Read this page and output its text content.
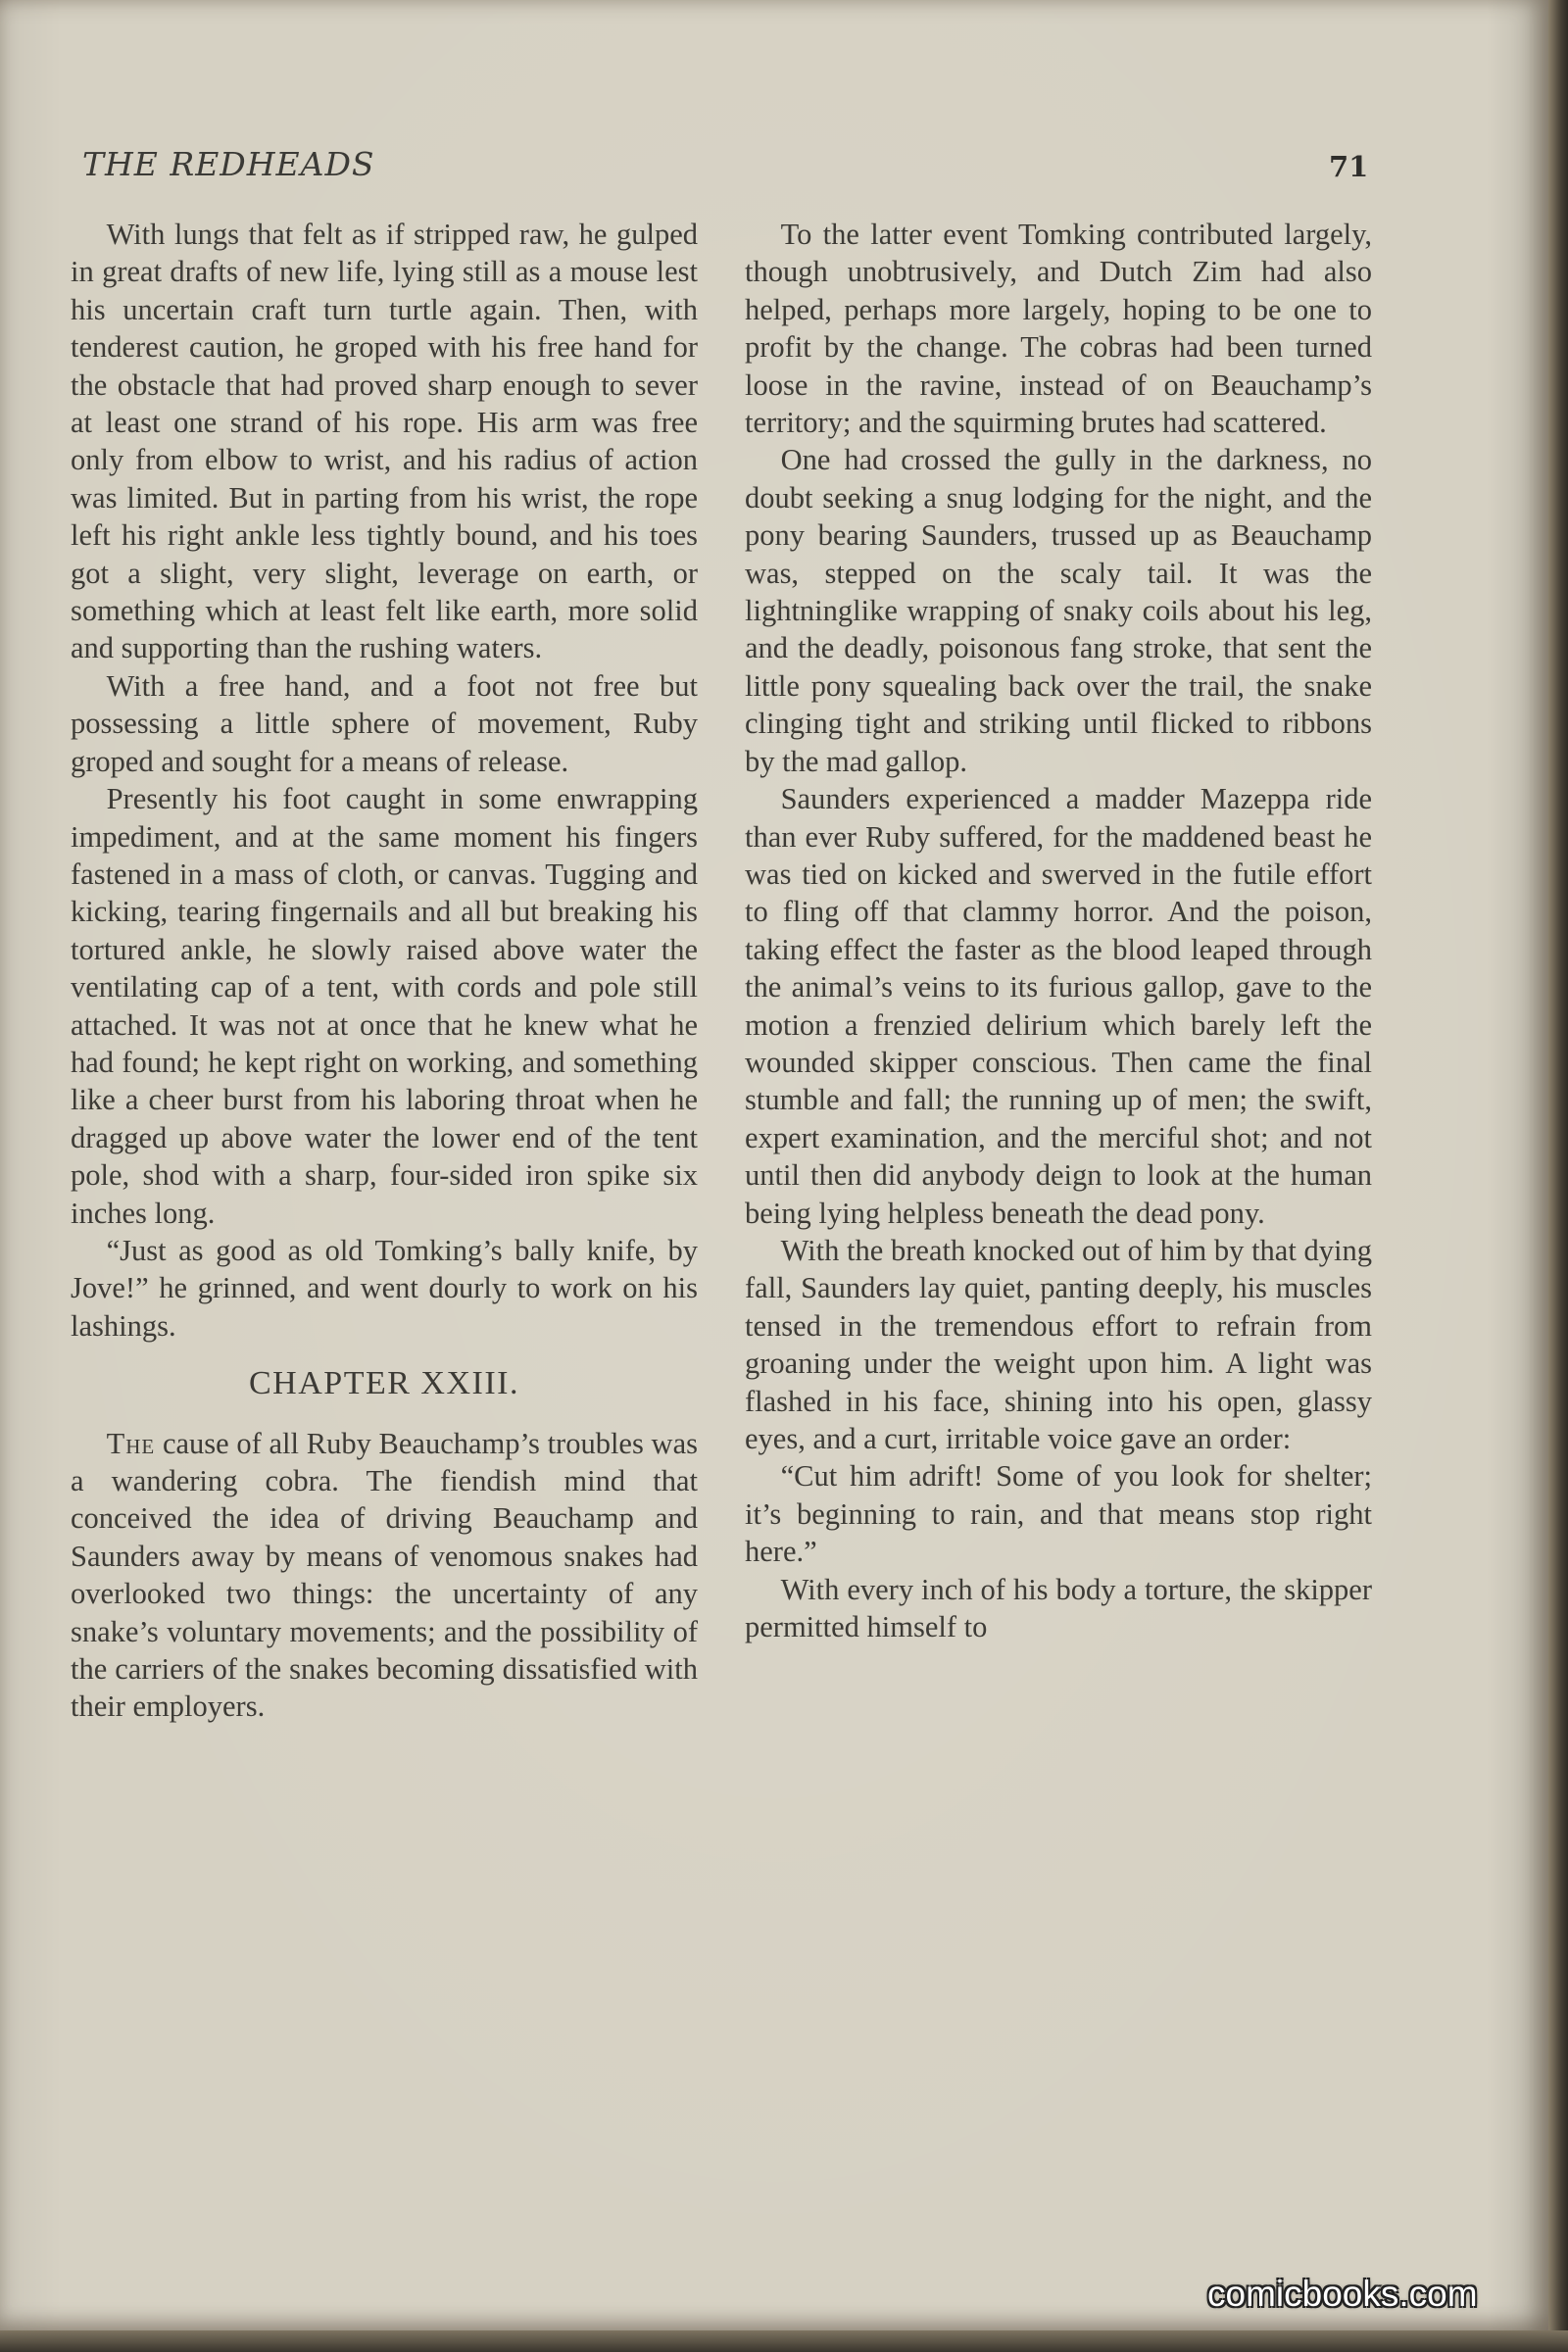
THE REDHEADS	71

With lungs that felt as if stripped raw, he gulped in great drafts of new life, lying still as a mouse lest his uncertain craft turn turtle again. Then, with tenderest caution, he groped with his free hand for the obstacle that had proved sharp enough to sever at least one strand of his rope. His arm was free only from elbow to wrist, and his radius of action was limited. But in parting from his wrist, the rope left his right ankle less tightly bound, and his toes got a slight, very slight, leverage on earth, or something which at least felt like earth, more solid and supporting than the rushing waters.

With a free hand, and a foot not free but possessing a little sphere of movement, Ruby groped and sought for a means of release.

Presently his foot caught in some enwrapping impediment, and at the same moment his fingers fastened in a mass of cloth, or canvas. Tugging and kicking, tearing fingernails and all but breaking his tortured ankle, he slowly raised above water the ventilating cap of a tent, with cords and pole still attached. It was not at once that he knew what he had found; he kept right on working, and something like a cheer burst from his laboring throat when he dragged up above water the lower end of the tent pole, shod with a sharp, four-sided iron spike six inches long.

“Just as good as old Tomking’s bally knife, by Jove!” he grinned, and went dourly to work on his lashings.

CHAPTER XXIII.

The cause of all Ruby Beauchamp’s troubles was a wandering cobra. The fiendish mind that conceived the idea of driving Beauchamp and Saunders away by means of venomous snakes had overlooked two things: the uncertainty of any snake’s voluntary movements; and the possibility of the carriers of the snakes becoming dissatisfied with their employers.

To the latter event Tomking contributed largely, though unobtrusively, and Dutch Zim had also helped, perhaps more largely, hoping to be one to profit by the change. The cobras had been turned loose in the ravine, instead of on Beauchamp’s territory; and the squirming brutes had scattered.

One had crossed the gully in the darkness, no doubt seeking a snug lodging for the night, and the pony bearing Saunders, trussed up as Beauchamp was, stepped on the scaly tail. It was the lightninglike wrapping of snaky coils about his leg, and the deadly, poisonous fang stroke, that sent the little pony squealing back over the trail, the snake clinging tight and striking until flicked to ribbons by the mad gallop.

Saunders experienced a madder Mazeppa ride than ever Ruby suffered, for the maddened beast he was tied on kicked and swerved in the futile effort to fling off that clammy horror. And the poison, taking effect the faster as the blood leaped through the animal’s veins to its furious gallop, gave to the motion a frenzied delirium which barely left the wounded skipper conscious. Then came the final stumble and fall; the running up of men; the swift, expert examination, and the merciful shot; and not until then did anybody deign to look at the human being lying helpless beneath the dead pony.

With the breath knocked out of him by that dying fall, Saunders lay quiet, panting deeply, his muscles tensed in the tremendous effort to refrain from groaning under the weight upon him. A light was flashed in his face, shining into his open, glassy eyes, and a curt, irritable voice gave an order:

“Cut him adrift! Some of you look for shelter; it’s beginning to rain, and that means stop right here.”

With every inch of his body a torture, the skipper permitted himself to

comicbooks.com
